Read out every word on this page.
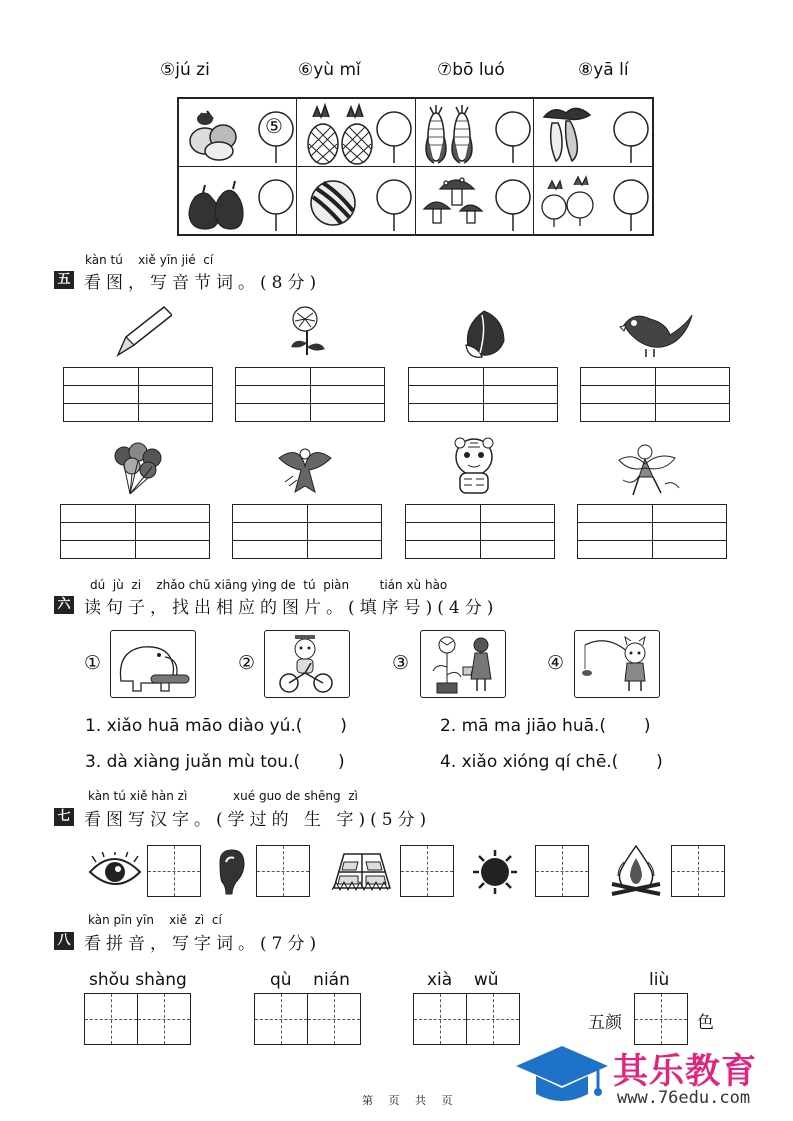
⑤jú zi	⑥yù mǐ	⑦bō luó	⑧yā lí
⑤
kàn tú    xiě yīn jié  cí
五 看图，写音节词。(8分)
dú  jù  zi    zhǎo chū xiāng yìng de  tú  piàn        tián xù hào
六 读句子，找出相应的图片。(填序号)(4分)
①	②	③	④
1. xiǎo huā māo diào yú.(       )	2. mā ma jiāo huā.(       )
3. dà xiàng juǎn mù tou.(       )	4. xiǎo xióng qí chē.(       )
kàn tú xiě hàn zì            xué guo de shēng  zì
七 看图写汉字。(学过的 生 字)(5分)
kàn pīn yīn    xiě  zì  cí
八 看拼音，写字词。(7分)
shǒu shàng	qù    nián	xià    wǔ	liù
五颜	色
第 页 共 页
其乐教育
www.76edu.com
